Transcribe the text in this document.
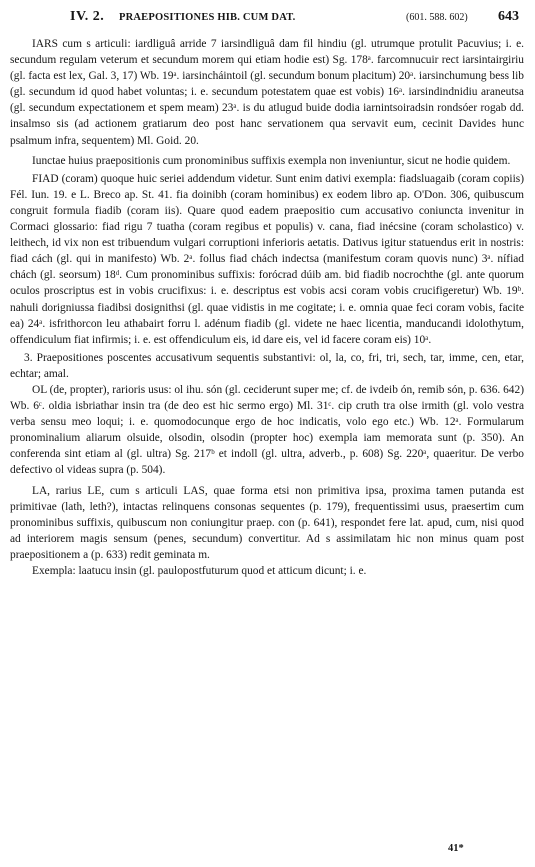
IV. 2. PRAEPOSITIONES HIB. CUM DAT.	(601. 588. 602) 643

IARS cum s articuli: iardliguâ arride 7 iarsindliguâ dam fil hindiu (gl. utrumque protulit Pacuvius; i. e. secundum regulam veterum et secundum morem qui etiam hodie est) Sg. 178ᵃ. farcomnucuir rect iarsintairgiriu (gl. facta est lex, Gal. 3, 17) Wb. 19ᵃ. iarsincháintoil (gl. secundum bonum placitum) 20ᵃ. iarsinchumung bess lib (gl. secundum id quod habet voluntas; i. e. secundum potestatem quae est vobis) 16ᵃ. iarsindindnidiu araneutsa (gl. secundum expectationem et spem meam) 23ᵃ. is du atlugud buide dodia iarnintsoiradsin rondsóer rogab dd. insalmso sis (ad actionem gratiarum deo post hanc servationem qua servavit eum, cecinit Davides hunc psalmum infra, sequentem) Ml. Goid. 20.

Iunctae huius praepositionis cum pronominibus suffixis exempla non inveniuntur, sicut ne hodie quidem.

FIAD (coram) quoque huic seriei addendum videtur. Sunt enim dativi exempla: fiadsluagaib (coram copiis) Fél. Iun. 19. e L. Breco ap. St. 41. fia doinibh (coram hominibus) ex eodem libro ap. O'Don. 306, quibuscum congruit formula fiadib (coram iis). Quare quod eadem praepositio cum accusativo coniuncta invenitur in Cormaci glossario: fiad rigu 7 tuatha (coram regibus et populis) v. cana, fiad inécsine (coram scholastico) v. leithech, id vix non est tribuendum vulgari corruptioni inferioris aetatis. Dativus igitur statuendus erit in nostris: fiad cách (gl. qui in manifesto) Wb. 2ᵃ. follus fiad chách indectsa (manifestum coram quovis nunc) 3ᵃ. nífiad chách (gl. seorsum) 18ᵈ. Cum pronominibus suffixis: forócrad dúib am. bid fiadib nocrochthe (gl. ante quorum oculos proscriptus est in vobis crucifixus: i. e. descriptus est vobis acsi coram vobis crucifigeretur) Wb. 19ᵇ. nahuli dorigniussa fiadibsi dosignithsi (gl. quae vidistis in me cogitate; i. e. omnia quae feci coram vobis, facite ea) 24ᵃ. isfrithorcon leu athabairt forru l. adénum fiadib (gl. videte ne haec licentia, manducandi idolothytum, offendiculum fiat infirmis; i. e. est offendiculum eis, id dare eis, vel id facere coram eis) 10ᵃ.

3. Praepositiones poscentes accusativum sequentis substantivi: ol, la, co, fri, tri, sech, tar, imme, cen, etar, echtar; amal.

OL (de, propter), rarioris usus: ol ihu. són (gl. ceciderunt super me; cf. de ivdeib ón, remib són, p. 636. 642) Wb. 6ᶜ. oldia isbriathar insin tra (de deo est hic sermo ergo) Ml. 31ᶜ. cip cruth tra olse irmith (gl. volo vestra verba sensu meo loqui; i. e. quomodocunque ergo de hoc indicatis, volo ego etc.) Wb. 12ᵃ. Formularum pronominalium aliarum olsuide, olsodin, olsodin (propter hoc) exempla iam memorata sunt (p. 350). An conferenda sint etiam al (gl. ultra) Sg. 217ᵇ et indoll (gl. ultra, adverb., p. 608) Sg. 220ᵃ, quaeritur. De verbo defectivo ol videas supra (p. 504).

LA, rarius LE, cum s articuli LAS, quae forma etsi non primitiva ipsa, proxima tamen putanda est primitivae (lath, leth?), intactas relinquens consonas sequentes (p. 179), frequentissimi usus, praesertim cum pronominibus suffixis, quibuscum non coniungitur praep. con (p. 641), respondet fere lat. apud, cum, nisi quod ad interiorem magis sensum (penes, secundum) convertitur. Ad s assimilatam hic non minus quam post praepositionem a (p. 633) redit geminata m.

Exempla: laatucu insin (gl. paulopostfuturum quod et atticum dicunt; i. e.

41*
